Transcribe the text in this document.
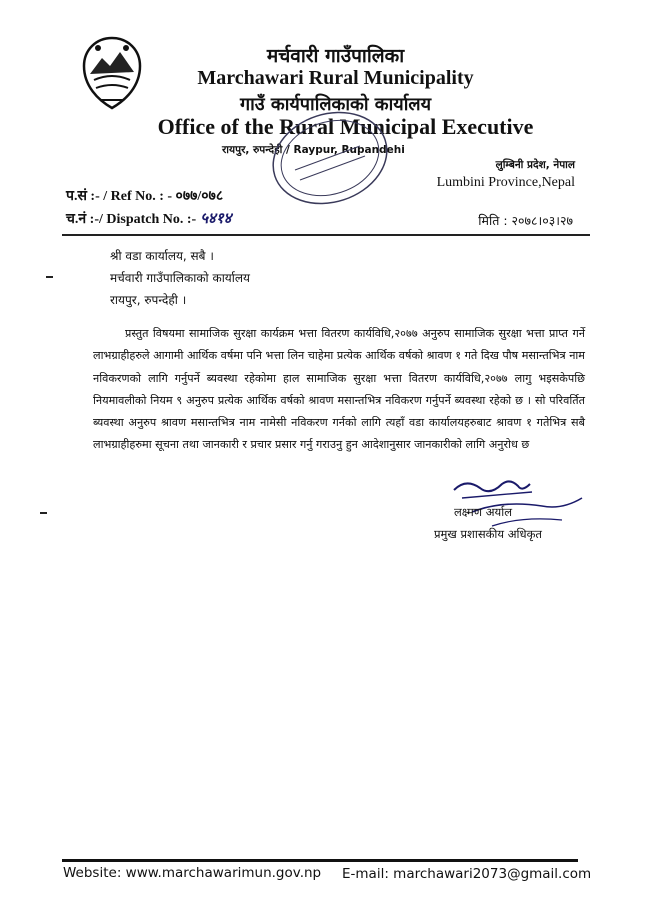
मर्चवारी गाउँपालिका
Marchawari Rural Municipality
गाउँ कार्यपालिकाको कार्यालय
Office of the Rural Municipal Executive
रायपुर, रुपन्देही / Raypur, Rupandehi
लुम्बिनी प्रदेश, नेपाल
Lumbini Province,Nepal
प.सं :- / Ref No. : - ०७७/०७८
च.नं :-/ Dispatch No. :- ५४१४	मिति : २०७८।०३।२७
श्री वडा कार्यालय, सबै ।
मर्चवारी गाउँपालिकाको कार्यालय
रायपुर, रुपन्देही ।
प्रस्तुत विषयमा सामाजिक सुरक्षा कार्यक्रम भत्ता वितरण कार्यविधि,२०७७ अनुरुप सामाजिक सुरक्षा भत्ता प्राप्त गर्ने लाभग्राहीहरुले आगामी आर्थिक वर्षमा पनि भत्ता लिन चाहेमा प्रत्येक आर्थिक वर्षको श्रावण १ गते दिख पौष मसान्तभित्र नाम नविकरणको लागि गर्नुपर्ने ब्यवस्था रहेकोमा हाल सामाजिक सुरक्षा भत्ता वितरण कार्यविधि,२०७७ लागु भइसकेपछि नियमावलीको नियम ९ अनुरुप प्रत्येक आर्थिक वर्षको श्रावण मसान्तभित्र नविकरण गर्नुपर्ने ब्यवस्था रहेको छ । सो परिवर्तित ब्यवस्था अनुरुप श्रावण मसान्तभित्र नाम नामेसी नविकरण गर्नको लागि त्यहाँ वडा कार्यालयहरुबाट श्रावण १ गतेभित्र सबै लाभग्राहीहरुमा सूचना तथा जानकारी र प्रचार प्रसार गर्नु गराउनु हुन आदेशानुसार जानकारीको लागि अनुरोध छ
लक्ष्मण अर्याल
प्रमुख प्रशासकीय अधिकृत
Website: www.marchawarimun.gov.np E-mail: marchawari2073@gmail.com
